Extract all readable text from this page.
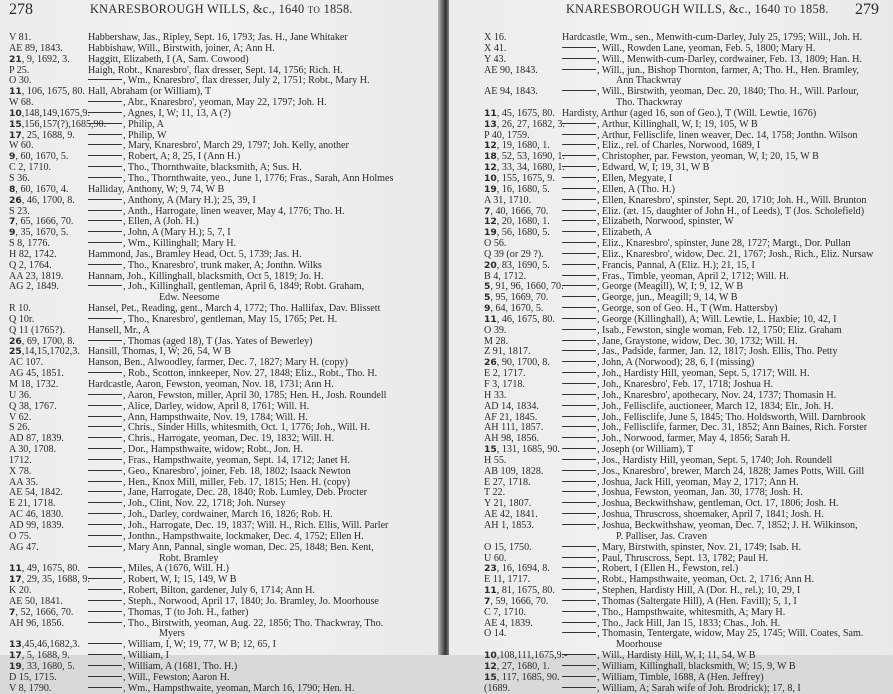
278	KNARESBOROUGH WILLS, &c., 1640 TO 1858.
V 81.	Habbershaw, Jas., Ripley, Sept. 16, 1793; Jas. H., Jane Whitaker
AE 89, 1843. Habbishaw, Will., Birstwith, joiner, A; Ann H.
21, 9, 1692, 3. Haggitt, Elizabeth, I (A, Sam. Cowood)
P 25.	Haigh, Robt., Knaresbro', flax dresser, Sept. 14, 1756; Rich. H.
O 30.	, Wm., Knaresbro', flax dresser, July 2, 1751; Robt., Mary H.
11, 106, 1675, 80. Hall, Abraham (or William), T
W 68.	, Abr., Knaresbro', yeoman, May 22, 1797; Joh. H.
10,148,149,1675,9.	, Agnes, I, W; 11, 13, A (?)
15,156,157(?),1685,90. , Philip, A
17, 25, 1688, 9.	, Philip, W
W 60.	, Mary, Knaresbro', March 29, 1797; Joh. Kelly, another
9, 60, 1670, 5.	, Robert, A; 8, 25, I (Ann H.)
C 2, 1710.	, Tho., Thornthwaite, blacksmith, A; Sus. H.
S 36.	, Tho., Thornthwaite, yeo., June 1, 1776; Fras., Sarah, Ann Holmes
8, 60, 1670, 4. Halliday, Anthony, W; 9, 74, W B
26, 46, 1700, 8.	, Anthony, A (Mary H.); 25, 39, I
S 23.	, Anth., Harrogate, linen weaver, May 4, 1776; Tho. H.
7, 65, 1666, 70.	, Ellen, A (Joh. H.)
9, 35, 1670, 5.	, John, A (Mary H.); 5, 7, I
S 8, 1776.	, Wm., Killinghall; Mary H.
H 82, 1742.	Hammond, Jas., Bramley Head, Oct. 5, 1739; Jas. H.
Q 2, 1764.	, Tho., Knaresbro', trunk maker, A; Jonthn. Wilks
AA 23, 1819. Hannam, Joh., Killinghall, blacksmith, Oct 5, 1819; Jo. H.
AG 2, 1849.	, Joh., Killinghall, gentleman, April 6, 1849; Robt. Graham,
Edw. Neesome
R 10.	Hansel, Pet., Reading, gent., March 4, 1772; Tho. Hallifax, Dav. Blissett
Q 10r.	, Tho., Knaresbro', gentleman, May 15, 1765; Pet. H.
Q 11 (1765?). Hansell, Mr., A
26, 69, 1700, 8.	, Thomas (aged 18), T (Jas. Yates of Bewerley)
25,14,15,1702,3. Hansill, Thomas, I, W; 26, 54, W B
AC 107.	Hanson, Ben., Alwoodley, farmer, Dec. 7, 1827; Mary H. (copy)
AG 45, 1851.	, Rob., Scotton, innkeeper, Nov. 27, 1848; Eliz., Robt., Tho. H.
M 18, 1732.	Hardcastle, Aaron, Fewston, yeoman, Nov. 18, 1731; Ann H.
U 36.	, Aaron, Fewston, miller, April 30, 1785; Hen. H., Josh. Roundell
Q 38, 1767.	, Alice, Darley, widow, April 8, 1761; Will. H.
V 62.	, Ann, Hampsthwaite, Nov. 19, 1784; Will. H.
S 26.	, Chris., Sinder Hills, whitesmith, Oct. 1, 1776; Joh., Will. H.
AD 87, 1839.	, Chris., Harrogate, yeoman, Dec. 19, 1832; Will. H.
A 30, 1708.	, Dor., Hampsthwaite, widow; Robt., Jon. H.
1712.	, Fras., Hampsthwaite, yeoman, Sept. 14, 1712; Janet H.
X 78.	, Geo., Knaresbro', joiner, Feb. 18, 1802; Isaack Newton
AA 35.	, Hen., Knox Mill, miller, Feb. 17, 1815; Hen. H. (copy)
AE 54, 1842.	, Jane, Harrogate, Dec. 28, 1840; Rob. Lumley, Deb. Procter
E 21, 1718.	, Joh., Clint, Nov. 22, 1718; Joh. Nursey
AC 46, 1830.	, Joh., Darley, cordwainer, March 16, 1826; Rob. H.
AD 99, 1839.	, Joh., Harrogate, Dec. 19, 1837; Will. H., Rich. Ellis, Will. Parler
O 75.	, Jonthn., Hampsthwaite, lockmaker, Dec. 4, 1752; Ellen H.
AG 47.	, Mary Ann, Pannal, single woman, Dec. 25, 1848; Ben. Kent,
Robt. Bramley
11, 49, 1675, 80.	, Miles, A (1676, Will. H.)
17, 29, 35, 1688, 9.	, Robert, W, I; 15, 149, W B
K 20.	, Robert, Bilton, gardener, July 6, 1714; Ann H.
AE 50, 1841.	, Steph., Norwood, April 17, 1840; Jo. Bramley, Jo. Moorhouse
7, 52, 1666, 70.	, Thomas, T (to Joh. H., father)
AH 96, 1856.	, Tho., Birstwith, yeoman, Aug. 22, 1856; Tho. Thackwray, Tho.
Myers
13,45,46,1682,3.	, William, I, W; 19, 77, W B; 12, 65, I
17, 5, 1688, 9.	, William, I
19, 33, 1680, 5.	, William, A (1681, Tho. H.)
D 15, 1715.	, Will., Fewston; Aaron H.
V 8, 1790.	, Wm., Hampsthwaite, yeoman, March 16, 1790; Hen. H.
279
KNARESBOROUGH WILLS, &c., 1640 TO 1858.
X 16.	Hardcastle, Wm., sen., Menwith-cum-Darley, July 25, 1795; Will., Joh. H.
X 41.	, Will., Rowden Lane, yeoman, Feb. 5, 1800; Mary H.
Y 43.	, Will., Menwith-cum-Darley, cordwainer, Feb. 13, 1809; Han. H.
AE 90, 1843.	, Will., jun., Bishop Thornton, farmer, A; Tho. H., Hen. Bramley,
Ann Thackwray
AE 94, 1843.	, Will., Birstwith, yeoman, Dec. 20, 1840; Tho. H., Will. Parlour,
Tho. Thackwray
11, 45, 1675, 80. Hardisty, Arthur (aged 16, son of Geo.), T (Will. Lewtie, 1676)
13, 26, 27, 1682, 3.	, Arthur, Killinghall, W, I; 19, 105, W B
P 40, 1759.	, Arthur, Fellisclife, linen weaver, Dec. 14, 1758; Jonthn. Wilson
12, 19, 1680, 1.	, Eliz., rel. of Charles, Norwood, 1689, I
18, 52, 53, 1690, 1.	, Christopher, par. Fewston, yeoman, W, I; 20, 15, W B
12, 33, 34, 1680, 1.	, Edward, W, I; 19, 31, W B
10, 155, 1675, 9.	, Ellen, Megyate, I
19, 16, 1680, 5.	, Ellen, A (Tho. H.)
A 31, 1710.	, Ellen, Knaresbro', spinster, Sept. 20, 1710; Joh. H., Will. Brunton
7, 40, 1666, 70.	, Eliz. (æt. 15, daughter of John H., of Leeds), T (Jos. Scholefield)
12, 20, 1680, 1.	, Elizabeth, Norwood, spinster, W
19, 56, 1680, 5.	, Elizabeth, A
O 56.	, Eliz., Knaresbro', spinster, June 28, 1727; Margt., Dor. Pullan
Q 39 (or 29 ?).	, Eliz., Knaresbro', widow, Dec. 21, 1767; Josh., Rich., Eliz. Nursaw
20, 83, 1690, 5.	, Francis, Pannal, A (Eliz. H.); 21, 15, I
B 4, 1712.	, Fras., Timble, yeoman, April 2, 1712; Will. H.
5, 91, 96, 1660, 70.	, George (Meagill), W, I; 9, 12, W B
5, 95, 1669, 70.	, George, jun., Meagill; 9, 14, W B
9, 64, 1670, 5.	, George, son of Geo. H., T (Wm. Hattersby)
11, 46, 1675, 80.	, George (Killinghall), A; Will. Lewtie, L. Haxbie; 10, 42, I
O 39.	, Isab., Fewston, single woman, Feb. 12, 1750; Eliz. Graham
M 28.	, Jane, Graystone, widow, Dec. 30, 1732; Will. H.
Z 91, 1817.	, Jas., Padside, farmer, Jan. 12, 1817; Josh. Ellis, Tho. Petty
26, 90, 1700, 8.	, John, A (Norwood); 28, 6, I (missing)
E 2, 1717.	, Joh., Hardisty Hill, yeoman, Sept. 5, 1717; Will. H.
F 3, 1718.	, Joh., Knaresbro', Feb. 17, 1718; Joshua H.
H 33.	, Joh., Knaresbro', apothecary, Nov. 24, 1737; Thomasin H.
AD 14, 1834.	, Joh., Fellisclife, auctioneer, March 12, 1834; Elr., Joh. H.
AF 21, 1845.	, Joh., Fellisclife, June 5, 1845; Tho. Holdsworth, Will. Darnbrook
AH 111, 1857.	, Joh., Fellisclife, farmer, Dec. 31, 1852; Ann Baines, Rich. Forster
AH 98, 1856.	, Joh., Norwood, farmer, May 4, 1856; Sarah H.
15, 131, 1685, 90.	, Joseph (or William), T
H 55.	, Jos., Hardisty Hill, yeoman, Sept. 5, 1740; Joh. Roundell
AB 109, 1828.	, Jos., Knaresbro', brewer, March 24, 1828; James Potts, Will. Gill
E 27, 1718.	, Joshua, Jack Hill, yeoman, May 2, 1717; Ann H.
T 22.	, Joshua, Fewston, yeoman, Jan. 30, 1778; Josh. H.
Y 21, 1807.	, Joshua, Beckwithshaw, gentleman, Oct. 17, 1806; Josh. H.
AE 42, 1841.	, Joshua, Thruscross, shoemaker, April 7, 1841; Josh. H.
AH 1, 1853.	, Joshua, Beckwithshaw, yeoman, Dec. 7, 1852; J. H. Wilkinson,
P. Palliser, Jas. Craven
O 15, 1750.	, Mary, Birstwith, spinster, Nov. 21, 1749; Isab. H.
U 60.	, Paul, Thruscross, Sept. 13, 1782; Paul H.
23, 16, 1694, 8.	, Robert, I (Ellen H., Fewston, rel.)
E 11, 1717.	, Robt., Hampsthwaite, yeoman, Oct. 2, 1716; Ann H.
11, 81, 1675, 80.	, Stephen, Hardisty Hill, A (Dor. H., rel.); 10, 29, I
7, 59, 1666, 70.	, Thomas (Saltergate Hill), A (Hen. Favill); 5, 1, I
C 7, 1710.	, Tho., Hampsthwaite, whitesmith, A; Mary H.
AE 4, 1839.	, Tho., Jack Hill, Jan 15, 1833; Chas., Joh. H.
O 14.	, Thomasin, Tentergate, widow, May 25, 1745; Will. Coates, Sam.
Moorhouse
10,108,111,1675,9.-	, Will., Hardisty Hill, W, I; 11, 54, W B
12, 27, 1680, 1.	, William, Killinghall, blacksmith, W; 15, 9, W B
15, 117, 1685, 90.	, William, Timble, 1688, A (Hen. Jeffrey)
(1689.	, William, A; Sarah wife of Joh. Brodrick); 17, 8, I
